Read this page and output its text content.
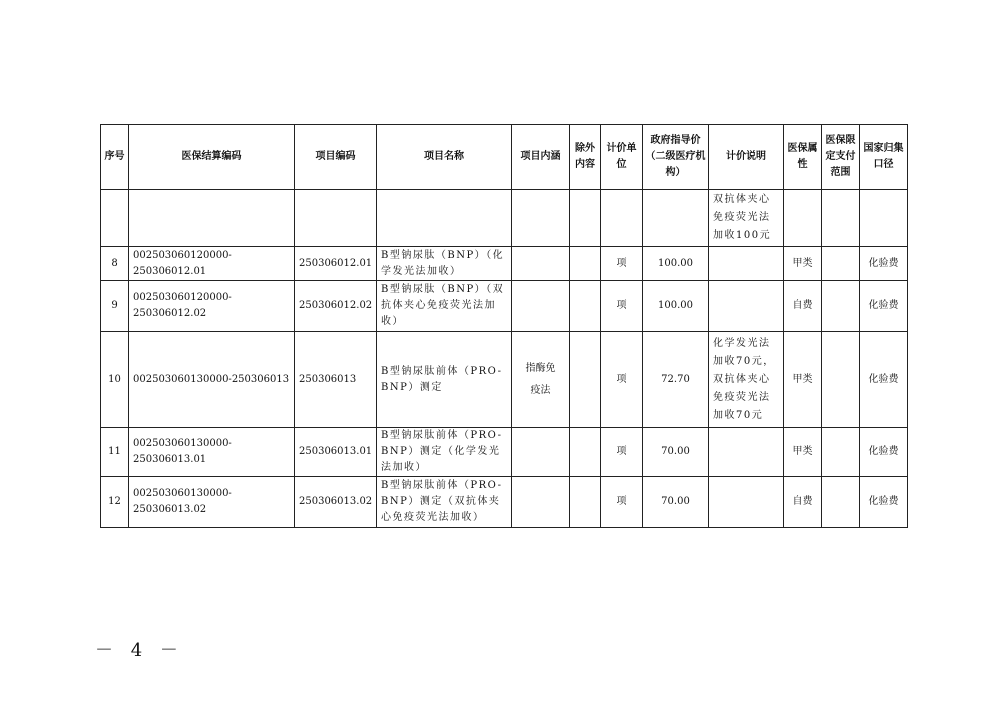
序号	医保结算编码	项目编码	项目名称	项目内涵	除外内容	计价单位	政府指导价（二级医疗机构）	计价说明	医保属性	医保限定支付范围	国家归集口径
								双抗体夹心免疫荧光法加收100元			
8	002503060120000-250306012.01	250306012.01	B型钠尿肽（BNP）（化学发光法加收）			项	100.00		甲类		化验费
9	002503060120000-250306012.02	250306012.02	B型钠尿肽（BNP）（双抗体夹心免疫荧光法加收）			项	100.00		自费		化验费
10	002503060130000-250306013	250306013	B型钠尿肽前体（PRO-BNP）测定	指酶免疫法		项	72.70	化学发光法加收70元，双抗体夹心免疫荧光法加收70元	甲类		化验费
11	002503060130000-250306013.01	250306013.01	B型钠尿肽前体（PRO-BNP）测定（化学发光法加收）			项	70.00		甲类		化验费
12	002503060130000-250306013.02	250306013.02	B型钠尿肽前体（PRO-BNP）测定（双抗体夹心免疫荧光法加收）			项	70.00		自费		化验费
－ 4 －
